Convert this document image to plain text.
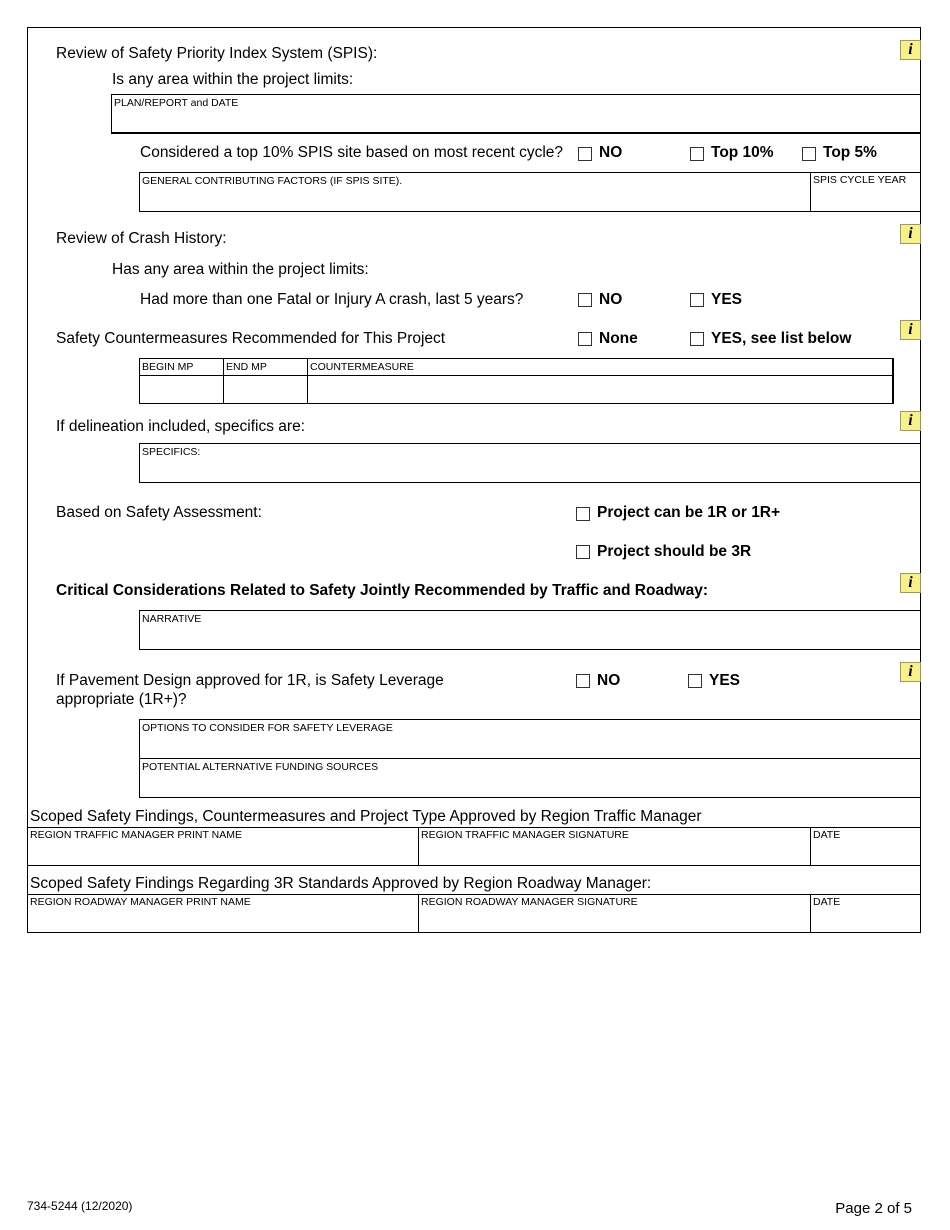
Review of Safety Priority Index System (SPIS):	i
Is any area within the project limits:
PLAN/REPORT and DATE
Considered a top 10% SPIS site based on most recent cycle? NO	Top 10%	Top 5%
GENERAL CONTRIBUTING FACTORS (IF SPIS SITE).	SPIS CYCLE YEAR
Review of Crash History:	i
Has any area within the project limits:
Had more than one Fatal or Injury A crash, last 5 years?	NO	YES
Safety Countermeasures Recommended for This Project	None	YES, see list below
i
BEGIN MP	END MP	COUNTERMEASURE
If delineation included, specifics are:	i
SPECIFICS:
Based on Safety Assessment:	Project can be 1R or 1R+
Project should be 3R
Critical Considerations Related to Safety Jointly Recommended by Traffic and Roadway:	i
NARRATIVE
If Pavement Design approved for 1R, is Safety Leverage
appropriate (1R+)?
NO	YES
i
OPTIONS TO CONSIDER FOR SAFETY LEVERAGE
POTENTIAL ALTERNATIVE FUNDING SOURCES
Scoped Safety Findings, Countermeasures and Project Type Approved by Region Traffic Manager
REGION TRAFFIC MANAGER PRINT NAME	REGION TRAFFIC MANAGER SIGNATURE	DATE
Scoped Safety Findings Regarding 3R Standards Approved by Region Roadway Manager:
REGION ROADWAY MANAGER PRINT NAME	REGION ROADWAY MANAGER SIGNATURE	DATE
734-5244 (12/2020)	Page 2 of 5
